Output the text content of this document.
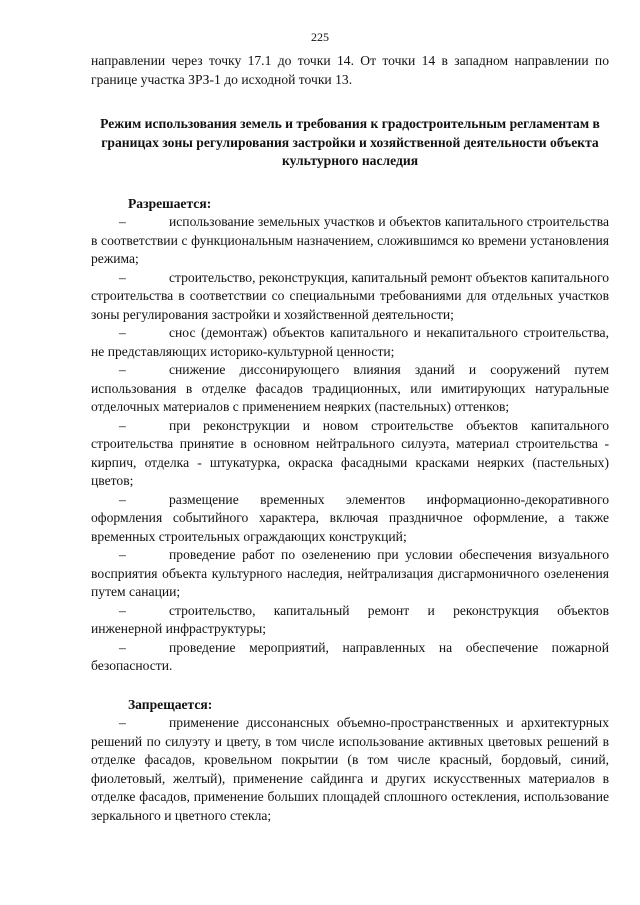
225

направлении через точку 17.1 до точки 14. От точки 14 в западном направлении по границе участка ЗРЗ-1 до исходной точки 13.

Режим использования земель и требования к градостроительным регламентам в границах зоны регулирования застройки и хозяйственной деятельности объекта культурного наследия

Разрешается:

–	использование земельных участков и объектов капитального строительства в соответствии с функциональным назначением, сложившимся ко времени установления режима;

–	строительство, реконструкция, капитальный ремонт объектов капитального строительства в соответствии со специальными требованиями для отдельных участков зоны регулирования застройки и хозяйственной деятельности;

–	снос (демонтаж) объектов капитального и некапитального строительства, не представляющих историко-культурной ценности;

–	снижение диссонирующего влияния зданий и сооружений путем использования в отделке фасадов традиционных, или имитирующих натуральные отделочных материалов с применением неярких (пастельных) оттенков;

–	при реконструкции и новом строительстве объектов капитального строительства принятие в основном нейтрального силуэта, материал строительства - кирпич, отделка - штукатурка, окраска фасадными красками неярких (пастельных) цветов;

–	размещение временных элементов информационно-декоративного оформления событийного характера, включая праздничное оформление, а также временных строительных ограждающих конструкций;

–	проведение работ по озеленению при условии обеспечения визуального восприятия объекта культурного наследия, нейтрализация дисгармоничного озеленения путем санации;

–	строительство, капитальный ремонт и реконструкция объектов инженерной инфраструктуры;

–	проведение мероприятий, направленных на обеспечение пожарной безопасности.

Запрещается:

–	применение диссонансных объемно-пространственных и архитектурных решений по силуэту и цвету, в том числе использование активных цветовых решений в отделке фасадов, кровельном покрытии (в том числе красный, бордовый, синий, фиолетовый, желтый), применение сайдинга и других искусственных материалов в отделке фасадов, применение больших площадей сплошного остекления, использование зеркального и цветного стекла;
